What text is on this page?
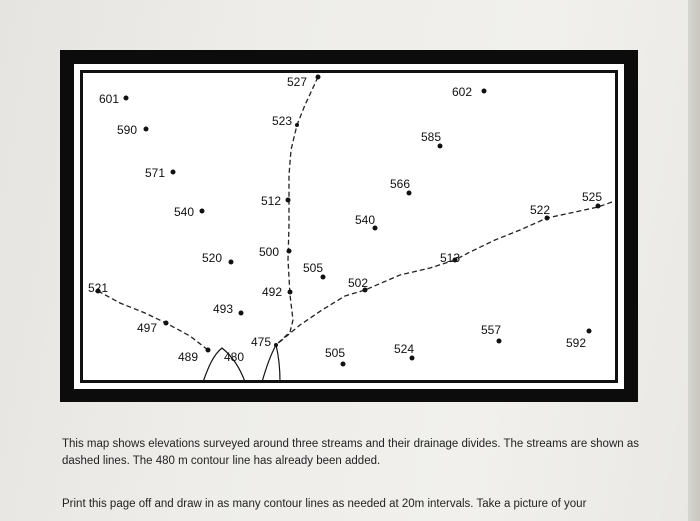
601
590
571
540
527
523
512
500
492
520
493
521
497
489 480
475
505
502
540
566
585
602
513
522
525
505	524
557
592
This map shows elevations surveyed around three streams and their drainage divides. The streams are shown as dashed lines. The 480 m contour line has already been added.
Print this page off and draw in as many contour lines as needed at 20m intervals. Take a picture of your
